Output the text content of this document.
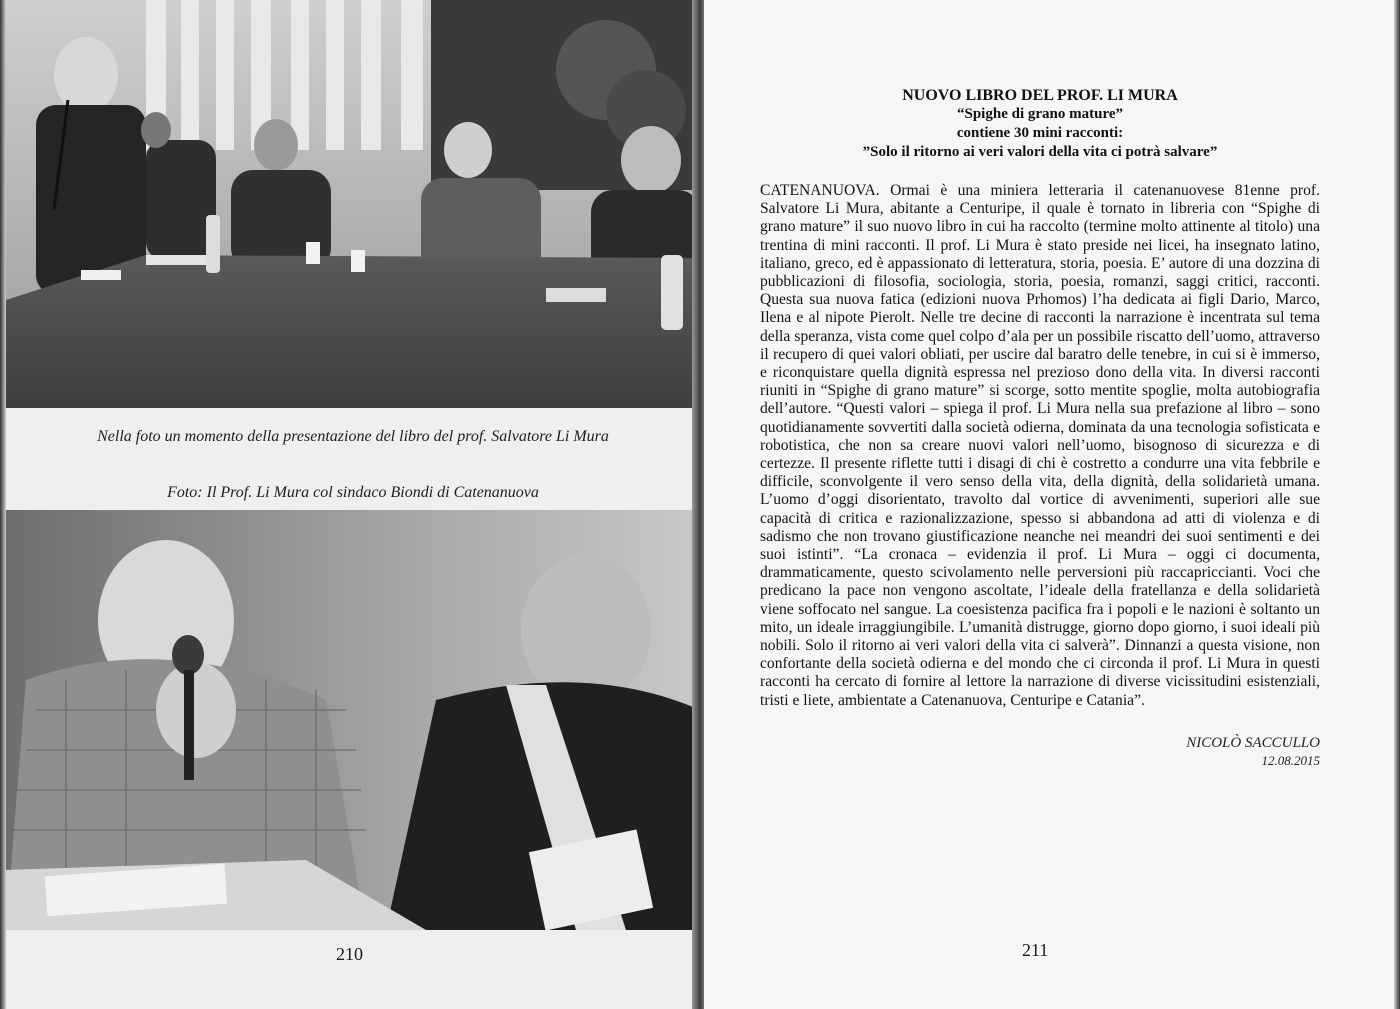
Nella foto un momento della presentazione del libro del prof. Salvatore Li Mura
Foto: Il Prof. Li Mura col sindaco Biondi di Catenanuova
210
NUOVO LIBRO DEL PROF. LI MURA
“Spighe di grano mature”
contiene 30 mini racconti:
”Solo il ritorno ai veri valori della vita ci potrà salvare”
CATENANUOVA. Ormai è una miniera letteraria il catenanuovese 81enne prof. Salvatore Li Mura, abitante a Centuripe, il quale è tornato in libreria con “Spighe di grano mature” il suo nuovo libro in cui ha raccolto (termine molto attinente al titolo) una trentina di mini racconti. Il prof. Li Mura è stato preside nei licei, ha insegnato latino, italiano, greco, ed è appassionato di letteratura, storia, poesia. E’ autore di una dozzina di pubblicazioni di filosofia, sociologia, storia, poesia, romanzi, saggi critici, racconti. Questa sua nuova fatica (edizioni nuova Prhomos) l’ha dedicata ai figli Dario, Marco, Ilena e al nipote Pierolt. Nelle tre decine di racconti la narrazione è incentrata sul tema della speranza, vista come quel colpo d’ala per un possibile riscatto dell’uomo, attraverso il recupero di quei valori obliati, per uscire dal baratro delle tenebre, in cui si è immerso, e riconquistare quella dignità espressa nel prezioso dono della vita. In diversi racconti riuniti in “Spighe di grano mature” si scorge, sotto mentite spoglie, molta autobiografia dell’autore. “Questi valori – spiega il prof. Li Mura nella sua prefazione al libro – sono quotidianamente sovvertiti dalla società odierna, dominata da una tecnologia sofisticata e robotistica, che non sa creare nuovi valori nell’uomo, bisognoso di sicurezza e di certezze. Il presente riflette tutti i disagi di chi è costretto a condurre una vita febbrile e difficile, sconvolgente il vero senso della vita, della dignità, della solidarietà umana. L’uomo d’oggi disorientato, travolto dal vortice di avvenimenti, superiori alle sue capacità di critica e razionalizzazione, spesso si abbandona ad atti di violenza e di sadismo che non trovano giustificazione neanche nei meandri dei suoi sentimenti e dei suoi istinti”. “La cronaca – evidenzia il prof. Li Mura – oggi ci documenta, drammaticamente, questo scivolamento nelle perversioni più raccapriccianti. Voci che predicano la pace non vengono ascoltate, l’ideale della fratellanza e della solidarietà viene soffocato nel sangue. La coesistenza pacifica fra i popoli e le nazioni è soltanto un mito, un ideale irraggiungibile. L’umanità distrugge, giorno dopo giorno, i suoi ideali più nobili. Solo il ritorno ai veri valori della vita ci salverà”. Dinnanzi a questa visione, non confortante della società odierna e del mondo che ci circonda il prof. Li Mura in questi racconti ha cercato di fornire al lettore la narrazione di diverse vicissitudini esistenziali, tristi e liete, ambientate a Catenanuova, Centuripe e Catania”.
NICOLÒ SACCULLO
12.08.2015
211
